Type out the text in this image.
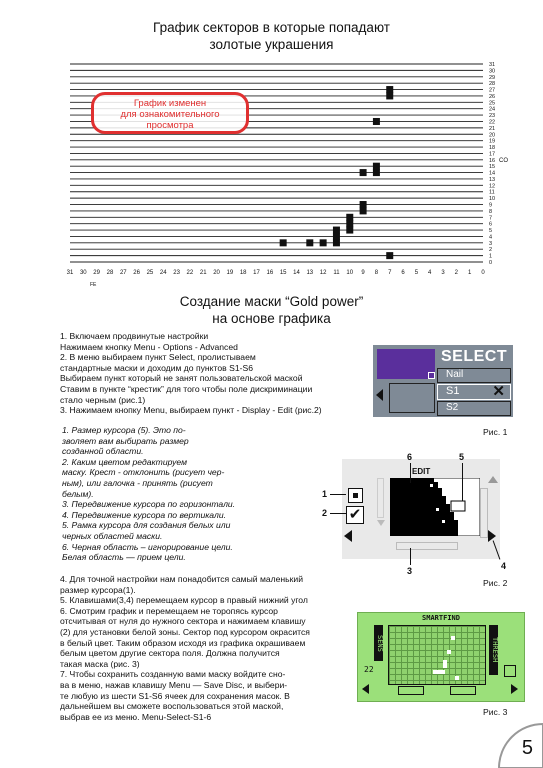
График секторов в которые попадают
золотые украшения
0
1
2
3
4
5
6
7
8
9
10
11
12
13
14
15
16
17
18
19
20
21
22
23
24
25
26
27
28
29
30
31
31 30 29 28 27 26 25 24 23 22 21 20 19 18 17 16 15 14 13 12 11 10 9 8 7 6 5 4 3 2 1 0
FE
CO
График изменен
для ознакомительного
просмотра
Создание маски “Gold power”
на основе графика
1. Включаем продвинутые настройки
Нажимаем кнопку Menu - Options - Advanced
2. В меню выбираем пункт Select, пролистываем
стандартные маски и доходим до пунктов S1-S6
Выбираем пункт который не занят пользовательской маской
Ставим в пункте “крестик” для того чтобы поле дискриминации
стало черным (рис.1)
3. Нажимаем кнопку Menu, выбираем пункт - Display - Edit (рис.2)
SELECT
Nail
S1 ✕
S2
Рис. 1
1. Размер курсора (5). Это по-
зволяет вам выбирать размер
созданной области.
2. Каким цветом редактируем
маску. Крест - отклонить (рисует чер-
ным), или галочка - принять (рисует
белым).
3. Передвижение курсора по горизонтали.
4. Передвижение курсора по вертикали.
5. Рамка курсора для создания белых или
черных областей маски.
6. Черная область – игнорирование цели.
Белая область — прием цели.
EDIT
✔
1
2
3	4
5
6
Рис. 2
4. Для точной настройки нам понадобится самый маленький
размер курсора(1).
5. Клавишами(3,4) перемещаем курсор в правый нижний угол
6. Смотрим график и перемещаем не торопясь курсор
отсчитывая от нуля до нужного сектора и нажимаем клавишу
(2) для установки белой зоны. Сектор под курсором окрасится
в белый цвет. Таким образом исходя из графика окрашиваем
белым цветом другие сектора поля. Должна получится
такая маска (рис. 3)
7. Чтобы сохранить созданную вами маску войдите сно-
ва в меню, нажав клавишу Menu — Save Disc, и выбери-
те любую из шести S1-S6 ячеек для сохранения масок. В
дальнейшем вы сможете воспользоваться этой маской,
выбрав ее из меню. Menu-Select-S1-6
SMARTFIND
SENS
22
THRESH
Рис. 3
5
